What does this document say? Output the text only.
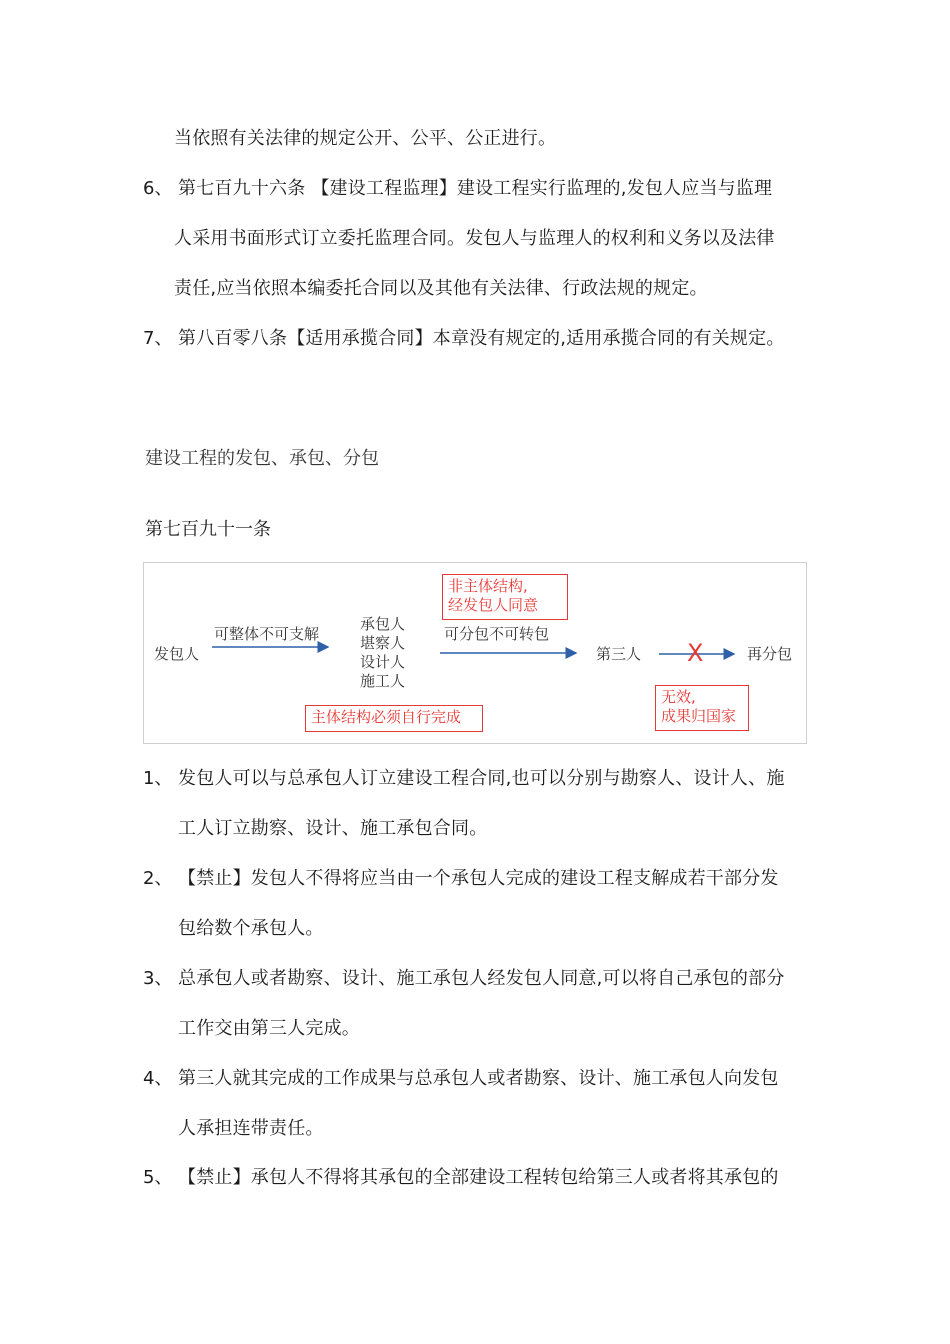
当依照有关法律的规定公开、公平、公正进行。
6、 第七百九十六条 【建设工程监理】建设工程实行监理的,发包人应当与监理
人采用书面形式订立委托监理合同。发包人与监理人的权利和义务以及法律
责任,应当依照本编委托合同以及其他有关法律、行政法规的规定。
7、 第八百零八条【适用承揽合同】本章没有规定的,适用承揽合同的有关规定。
建设工程的发包、承包、分包
第七百九十一条
发包人
可整体不可支解
承包人
堪察人
设计人
施工人
非主体结构,
经发包人同意
可分包不可转包
第三人 X	再分包
主体结构必须自行完成
无效,
成果归国家
1、 发包人可以与总承包人订立建设工程合同,也可以分别与勘察人、设计人、施
工人订立勘察、设计、施工承包合同。
2、 【禁止】发包人不得将应当由一个承包人完成的建设工程支解成若干部分发
包给数个承包人。
3、 总承包人或者勘察、设计、施工承包人经发包人同意,可以将自己承包的部分
工作交由第三人完成。
4、 第三人就其完成的工作成果与总承包人或者勘察、设计、施工承包人向发包
人承担连带责任。
5、 【禁止】承包人不得将其承包的全部建设工程转包给第三人或者将其承包的
